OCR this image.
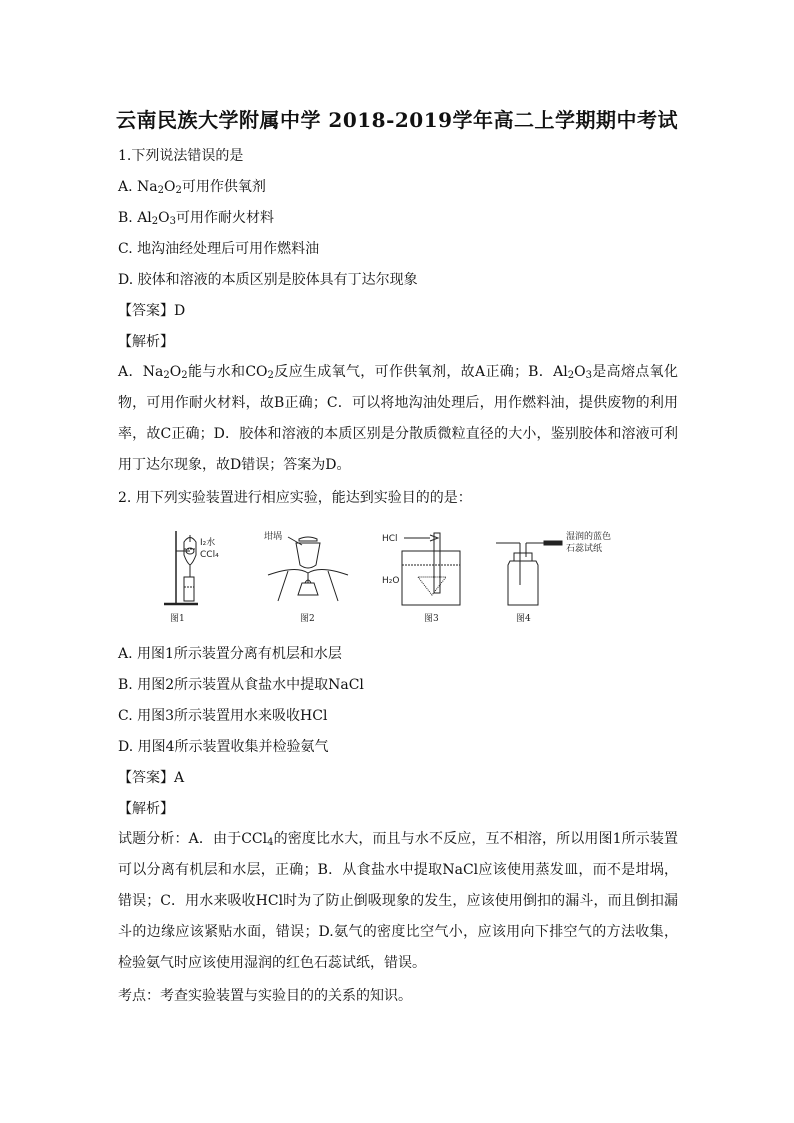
云南民族大学附属中学 2018-2019学年高二上学期期中考试
1.下列说法错误的是
A. $Na_2O_2$可用作供氧剂
B. $Al_2O_3$可用作耐火材料
C. 地沟油经处理后可用作燃料油
D. 胶体和溶液的本质区别是胶体具有丁达尔现象
【答案】D
【解析】
A．$Na_2O_2$能与水和$CO_2$反应生成氧气，可作供氧剂，故A正确；B．$Al_2O_3$是高熔点氧化物，可用作耐火材料，故B正确；C．可以将地沟油处理后，用作燃料油，提供废物的利用率，故C正确；D．胶体和溶液的本质区别是分散质微粒直径的大小，鉴别胶体和溶液可利用丁达尔现象，故D错误；答案为D。
2. 用下列实验装置进行相应实验，能达到实验目的的是：
I₂水
CCl₄
图1
坩埚
图2
HCl
H₂O
图3
湿润的蓝色
石蕊试纸
图4
A. 用图1所示装置分离有机层和水层
B. 用图2所示装置从食盐水中提取NaCl
C. 用图3所示装置用水来吸收HCl
D. 用图4所示装置收集并检验氨气
【答案】A
【解析】
试题分析：A．由于CCl$_4$的密度比水大，而且与水不反应，互不相溶，所以用图1所示装置可以分离有机层和水层，正确；B．从食盐水中提取NaCl应该使用蒸发皿，而不是坩埚，错误；C．用水来吸收HCl时为了防止倒吸现象的发生，应该使用倒扣的漏斗，而且倒扣漏斗的边缘应该紧贴水面，错误；D.氨气的密度比空气小，应该用向下排空气的方法收集，检验氨气时应该使用湿润的红色石蕊试纸，错误。
考点：考查实验装置与实验目的的关系的知识。
